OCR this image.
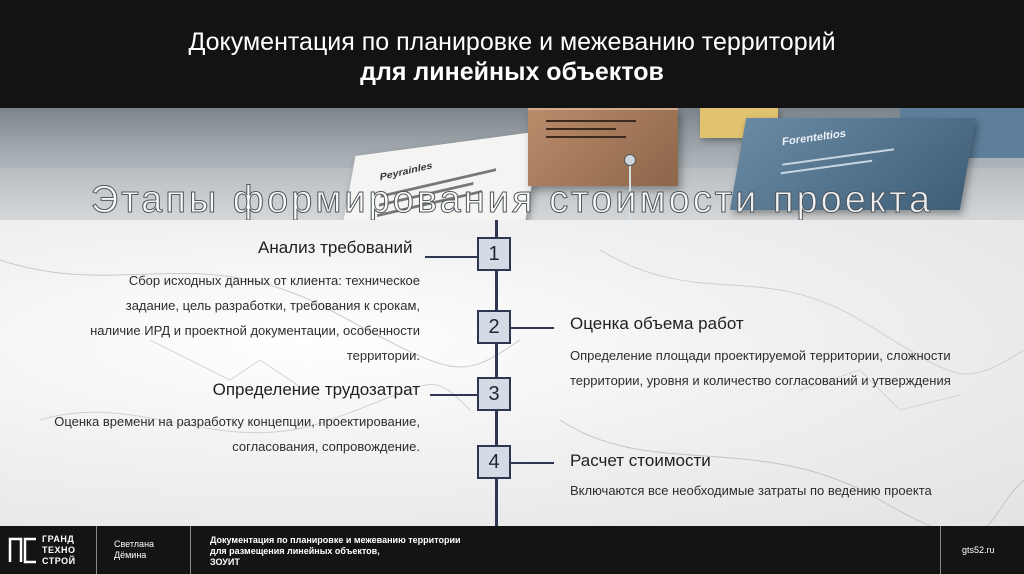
Документация по планировке и межеванию территорий
для линейных объектов
Peyrainles
Forenteltios
Этапы формирования стоимости проекта
1
2
3
4
Анализ требований
Сбор исходных данных от клиента: техническое
задание, цель разработки, требования к срокам,
наличие ИРД и проектной документации, особенности
территории.
Оценка объема работ
Определение площади проектируемой территории, сложности
территории, уровня и количество согласований и утверждения
Определение трудозатрат
Оценка времени на разработку концепции, проектирование,
согласования, сопровождение.
Расчет стоимости
Включаются все необходимые затраты по ведению проекта
ГРАНД
ТЕХНО
СТРОЙ
Светлана
Дёмина
Документация по планировке и межеванию территории
для размещения линейных объектов,
ЗОУИТ
gts52.ru
